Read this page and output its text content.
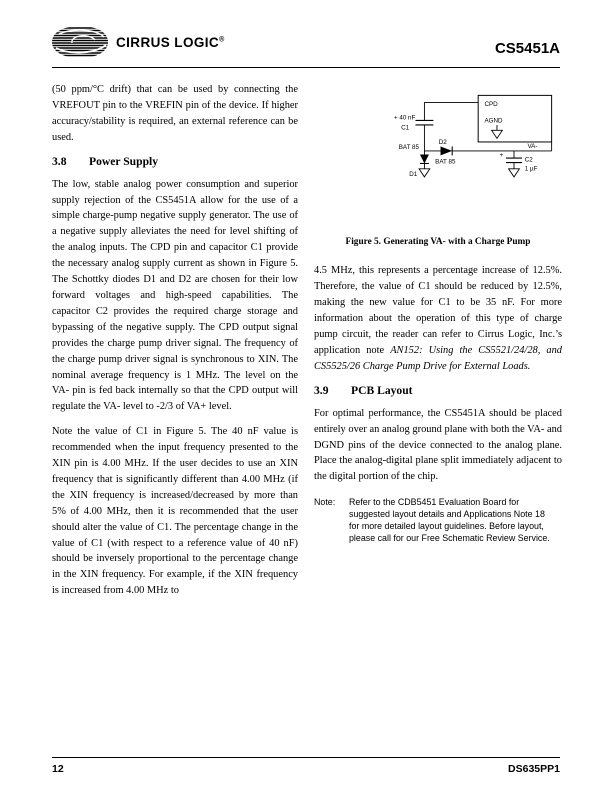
CIRRUS LOGIC®
CS5451A

(50 ppm/°C drift) that can be used by connecting the VREFOUT pin to the VREFIN pin of the device. If higher accuracy/stability is required, an external reference can be used.

3.8	Power Supply

The low, stable analog power consumption and superior supply rejection of the CS5451A allow for the use of a simple charge-pump negative supply generator. The use of a negative supply alleviates the need for level shifting of the analog inputs. The CPD pin and capacitor C1 provide the necessary analog supply current as shown in Figure 5. The Schottky diodes D1 and D2 are chosen for their low forward voltages and high-speed capabilities. The capacitor C2 provides the required charge storage and bypassing of the negative supply. The CPD output signal provides the charge pump driver signal. The frequency of the charge pump driver signal is synchronous to XIN. The nominal average frequency is 1 MHz. The level on the VA- pin is fed back internally so that the CPD output will regulate the VA- level to -2/3 of VA+ level.

Note the value of C1 in Figure 5. The 40 nF value is recommended when the input frequency presented to the XIN pin is 4.00 MHz. If the user decides to use an XIN frequency that is significantly different than 4.00 MHz (if the XIN frequency is increased/decreased by more than 5% of 4.00 MHz, then it is recommended that the user should alter the value of C1. The percentage change in the value of C1 (with respect to a reference value of 40 nF) should be inversely proportional to the percentage change in the XIN frequency. For example, if the XIN frequency is increased from 4.00 MHz to

CPD
AGND
+ 40 nF
C1
D2
BAT 85
BAT 85
D1
+
C2
1 µF
VA-
Figure 5. Generating VA- with a Charge Pump

4.5 MHz, this represents a percentage increase of 12.5%. Therefore, the value of C1 should be reduced by 12.5%, making the new value for C1 to be 35 nF. For more information about the operation of this type of charge pump circuit, the reader can refer to Cirrus Logic, Inc.’s application note AN152: Using the CS5521/24/28, and CS5525/26 Charge Pump Drive for External Loads.

3.9	PCB Layout

For optimal performance, the CS5451A should be placed entirely over an analog ground plane with both the VA- and DGND pins of the device connected to the analog plane. Place the analog-digital plane split immediately adjacent to the digital portion of the chip.

Note:	Refer to the CDB5451 Evaluation Board for suggested layout details and Applications Note 18 for more detailed layout guidelines. Before layout, please call for our Free Schematic Review Service.
12	DS635PP1
